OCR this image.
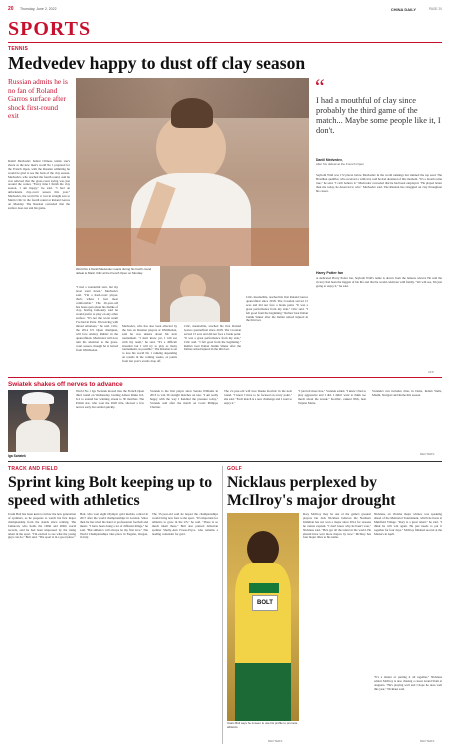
20 Thursday, June 2, 2022	CHINA DAILY	PAGE 20
SPORTS
TENNIS
Medvedev happy to dust off clay season
Russian admits he is no fan of Roland Garros surface after shock first-round exit
Daniil Medvedev hailed Chinese tennis star's shock as the new men's world No 1 prepared for the French Open, with the Russian admitting he would be glad to see the back of the clay season. Medvedev, who reached the fourth round, said he was relieved that the grass-court swing was just around the corner. "Every time I finish the clay season, I am happy," he said. "I had an unfortunate clay-court season this year." Medvedev, the world No 2, lost in straight sets to Marin Cilic in the fourth round at Roland Garros on Monday. The Russian conceded that the surface does not suit his game.
World No 2 Daniil Medvedev reacts during his fourth-round defeat to Marin Cilic at the French Open on Monday.
"I had a wonderful start, but my level went down," Medvedev said. "I'm a hard-court player, that's where I feel most comfortable." The 26-year-old has been open about his dislike of clay, having famously said he would prefer to play on any other surface. "It's not the worst result I've had in Paris. I'm leaving with mixed emotions," he said. Cilic, the 2014 US Open champion, will face Andrey Rublev in the quarterfinals. Medvedev will now turn his attention to the grass-court season, though he is barred from Wimbledon.
Medvedev, who has also been affected by the ban on Russian players at Wimbledon, said he was unsure about his next tournament. "I don't know yet, I will see with my team," he said. "It's a difficult situation but I will try to play as many tournaments as possible." The Russian is set to lose his world No 1 ranking depending on results in the coming weeks, as points from last year's events drop off.
Cilic, meanwhile, reached his first Roland Garros quarterfinal since 2018. The Croatian served 15 aces and did not face a break point. "It was a great performance from my side," Cilic said. "I felt good from the beginning." Rublev beat Italian Jannik Sinner after the Italian retired injured in the third set.
Cilic, meanwhile, reached his first Roland Garros quarterfinal since 2018. The Croatian served 15 aces and did not face a break point. "It was a great performance from my side," Cilic said. "I felt good from the beginning." Rublev beat Italian Jannik Sinner after the Italian retired injured in the third set.
“
I had a mouthful of clay since probably the third game of the match... Maybe some people like it, I don't.
Daniil Medvedev,
after his defeat at the French Open
Seyboth Wild was 172 places below Medvedev in the world rankings but stunned the top seed. The Brazilian qualifier, who received a wildcard, said he had dreamed of this moment. "It's a dream come true," he said. "I can't believe it." Medvedev conceded that he had been outplayed. "He played better than me today, he deserved to win," Medvedev said. The Russian has struggled on clay throughout his career.
Harry Potter fan
A dedicated Harry Potter fan, Seyboth Wild's name is drawn from the famous wizard. He said the victory had been the biggest of his life and that he would celebrate with family. "We will see, I'm just going to enjoy it," he said.
AFP
Swiatek shakes off nerves to advance
Iga Swiatek
World No 1 Iga Swiatek moved into the French Open third round on Wednesday, beating Alison Riske 6-0, 6-2 to extend her winning streak to 30 matches. The Polish star, who won the 2020 title, showed a few nerves early but settled quickly.
Swiatek is the first player since Serena Williams in 2013 to win 30 straight matches on tour. "I am really happy with the way I handled the pressure today," Swiatek said after the match on Court Philippe Chatrier.
The 21-year-old will face Danka Kovinic in the next round. "I know I have to be focused on every point," she said. "Each match is a new challenge and I want to enjoy it."
"I just felt more free," Swiatek added. "I knew I had to play aggressive and I did. I didn't want to think too much about the streak." Kovinic, ranked 95th, beat Tatjana Maria.
Swiatek's run includes titles in Doha, Indian Wells, Miami, Stuttgart and Rome this season.
REUTERS
TRACK AND FIELD
Sprint king Bolt keeping up to speed with athletics
Usain Bolt has been keen to follow the new generation of sprinters, as he prepares to watch his first major championship from the stands since retiring. The Jamaican, who holds the 100m and 200m world records, said he had been impressed by the rising talent in the sport. "I'm excited to see what the young guys can do," Bolt said. "The sport is in a good place."
Bolt, who won eight Olympic gold medals, retired in 2017 after the world championships in London. Since then he has tried his hand at professional football and music. "I have been doing a lot of different things," he said. "But athletics will always be my first love." The World Championships take place in Eugene, Oregon, in July.
The 35-year-old said he hoped the championships would bring new fans to the sport. "It's important for athletics to grow in the US," he said. "There is so much talent there." Bolt also praised Jamaican sprinter Shelly-Ann Fraser-Pryce, who remains a leading contender for gold.
GOLF
Nicklaus perplexed by McIlroy's major drought
BOLT
Usain Bolt says he is keen to use his profile to promote athletics.
REUTERS
Rory McIlroy may be one of the game's greatest players but Jack Nicklaus believes the Northern Irishman has not won a major since 2014 for reasons he cannot explain. "I don't know why he hasn't won," Nicklaus said. "He's got all the talent in the world. He should have won more majors by now." McIlroy has four major titles to his name.
Nicklaus, an 18-time major winner, was speaking ahead of the Memorial Tournament, which he hosts at Muirfield Village. "Rory is a great talent," he said. "I think he will win again. He just needs to put it together for four days." McIlroy finished second at the Masters in April.
"It's a matter of putting it all together," Nicklaus added. McIlroy is also chasing a career Grand Slam at Augusta. "He's playing well and I hope he does well this year," Nicklaus said.
REUTERS
